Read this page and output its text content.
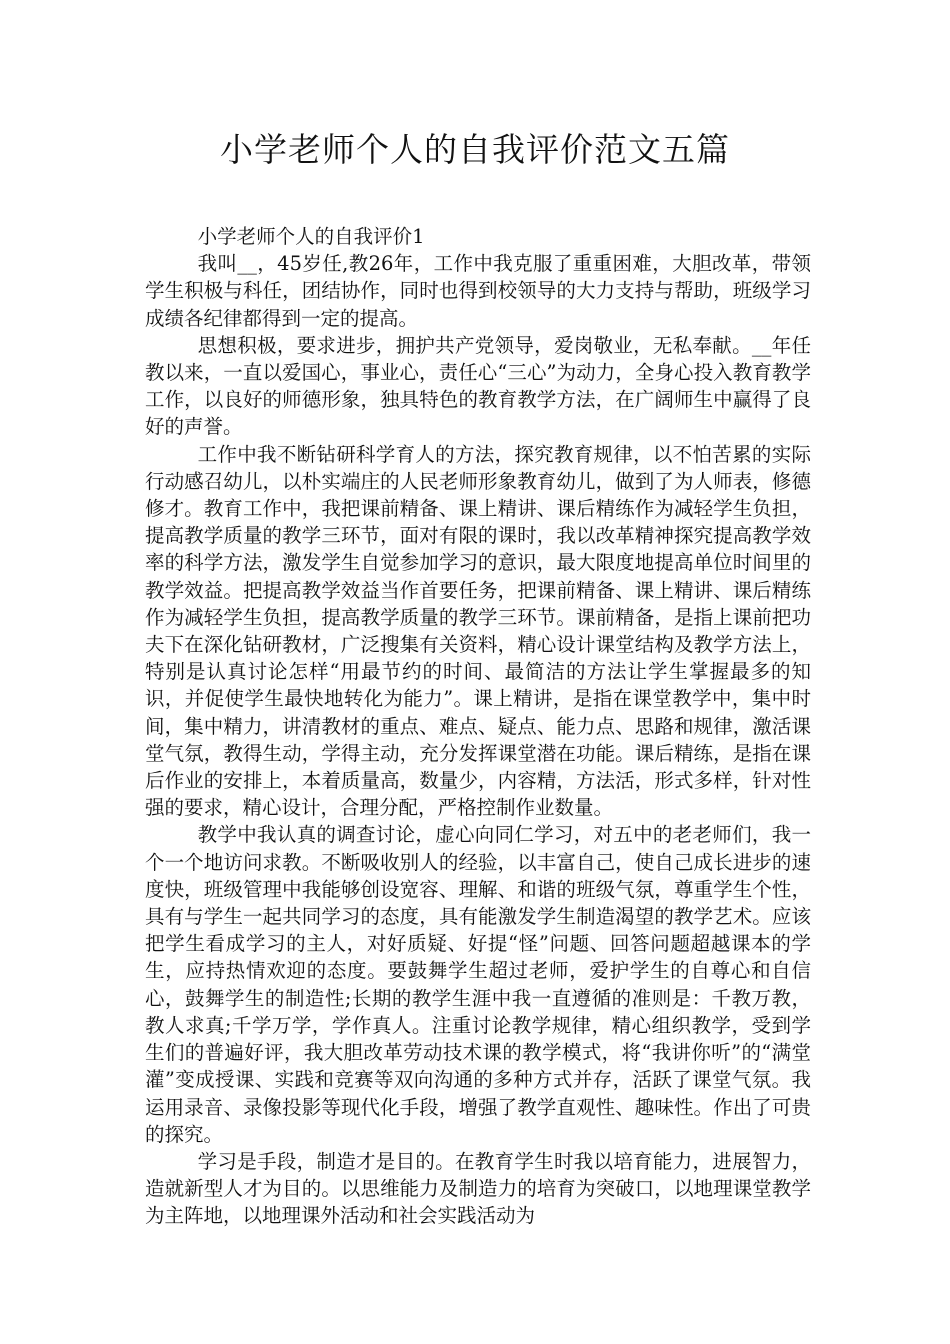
小学老师个人的自我评价范文五篇

小学老师个人的自我评价1

我叫__，45岁任,教26年，工作中我克服了重重困难，大胆改革，带领学生积极与科任，团结协作，同时也得到校领导的大力支持与帮助，班级学习成绩各纪律都得到一定的提高。

思想积极，要求进步，拥护共产党领导，爱岗敬业，无私奉献。__年任教以来，一直以爱国心，事业心，责任心“三心”为动力，全身心投入教育教学工作，以良好的师德形象，独具特色的教育教学方法，在广阔师生中赢得了良好的声誉。

工作中我不断钻研科学育人的方法，探究教育规律，以不怕苦累的实际行动感召幼儿，以朴实端庄的人民老师形象教育幼儿，做到了为人师表，修德修才。教育工作中，我把课前精备、课上精讲、课后精练作为减轻学生负担，提高教学质量的教学三环节，面对有限的课时，我以改革精神探究提高教学效率的科学方法，激发学生自觉参加学习的意识，最大限度地提高单位时间里的教学效益。把提高教学效益当作首要任务，把课前精备、课上精讲、课后精练作为减轻学生负担，提高教学质量的教学三环节。课前精备，是指上课前把功夫下在深化钻研教材，广泛搜集有关资料，精心设计课堂结构及教学方法上，特别是认真讨论怎样“用最节约的时间、最简洁的方法让学生掌握最多的知识，并促使学生最快地转化为能力”。课上精讲，是指在课堂教学中，集中时间，集中精力，讲清教材的重点、难点、疑点、能力点、思路和规律，激活课堂气氛，教得生动，学得主动，充分发挥课堂潜在功能。课后精练，是指在课后作业的安排上，本着质量高，数量少，内容精，方法活，形式多样，针对性强的要求，精心设计，合理分配，严格控制作业数量。

教学中我认真的调查讨论，虚心向同仁学习，对五中的老老师们，我一个一个地访问求教。不断吸收别人的经验，以丰富自己，使自己成长进步的速度快，班级管理中我能够创设宽容、理解、和谐的班级气氛，尊重学生个性，具有与学生一起共同学习的态度，具有能激发学生制造渴望的教学艺术。应该把学生看成学习的主人，对好质疑、好提“怪”问题、回答问题超越课本的学生，应持热情欢迎的态度。要鼓舞学生超过老师，爱护学生的自尊心和自信心，鼓舞学生的制造性;长期的教学生涯中我一直遵循的准则是：千教万教，教人求真;千学万学，学作真人。注重讨论教学规律，精心组织教学，受到学生们的普遍好评，我大胆改革劳动技术课的教学模式，将“我讲你听”的“满堂灌”变成授课、实践和竞赛等双向沟通的多种方式并存，活跃了课堂气氛。我运用录音、录像投影等现代化手段，增强了教学直观性、趣味性。作出了可贵的探究。

学习是手段，制造才是目的。在教育学生时我以培育能力，进展智力，造就新型人才为目的。以思维能力及制造力的培育为突破口，以地理课堂教学为主阵地，以地理课外活动和社会实践活动为
